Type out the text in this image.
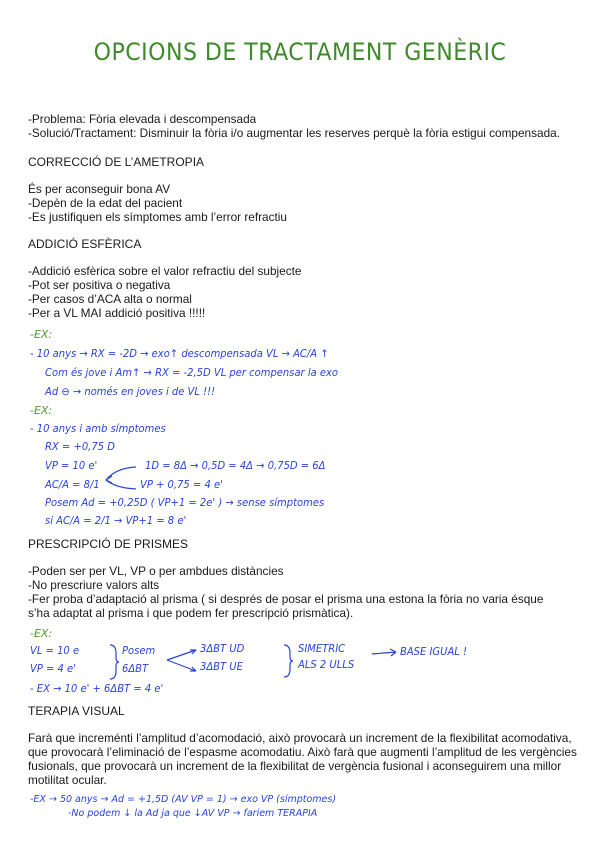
OPCIONS DE TRACTAMENT GENÈRIC
-Problema: Fòria elevada i descompensada
-Solució/Tractament: Disminuir la fòria i/o augmentar les reserves perquè la fòria estigui compensada.
CORRECCIÓ DE L’AMETROPIA
És per aconseguir bona AV
-Depèn de la edat del pacient
-Es justifiquen els símptomes amb l’error refractiu
ADDICIÓ ESFÈRICA
-Addició esfèrica sobre el valor refractiu del subjecte
-Pot ser positiva o negativa
-Per casos d’ACA alta o normal
-Per a VL MAI addició positiva !!!!!
-EX:
- 10 anys → RX = -2D → exo↑ descompensada VL → AC/A ↑
Com és jove i Am↑ → RX = -2,5D VL per compensar la exo
Ad ⊖ → només en joves i de VL !!!
-EX:
- 10 anys i amb símptomes
RX = +0,75 D
VP = 10 e'
AC/A = 8/1
1D = 8Δ → 0,5D = 4Δ → 0,75D = 6Δ
VP + 0,75 = 4 e'
Posem Ad = +0,25D ( VP+1 = 2e' ) → sense símptomes
si AC/A = 2/1 → VP+1 = 8 e'
PRESCRIPCIÓ DE PRISMES
-Poden ser per VL, VP o per ambdues distàncies
-No prescriure valors alts
-Fer proba d’adaptació al prisma ( si després de posar el prisma una estona la fòria no varia ésque
s’ha adaptat al prisma i que podem fer prescripció prismàtica).
-EX:
VL = 10 e
VP = 4 e'
Posem
6ΔBT
3ΔBT UD
3ΔBT UE
SIMETRIC
ALS 2 ULLS
BASE IGUAL !
- EX → 10 e' + 6ΔBT = 4 e'
TERAPIA VISUAL
Farà que increménti l’amplitud d’acomodació, això provocarà un increment de la flexibilitat acomodativa, que provocarà l’eliminació de l’espasme acomodatiu. Això farà que augmenti l’amplitud de les vergències fusionals, que provocarà un increment de la flexibilitat de vergència fusional i aconseguirem una millor motilitat ocular.
-EX → 50 anys → Ad = +1,5D (AV VP = 1) → exo VP (símptomes)
-No podem ↓ la Ad ja que ↓AV VP → fariem TERAPIA
